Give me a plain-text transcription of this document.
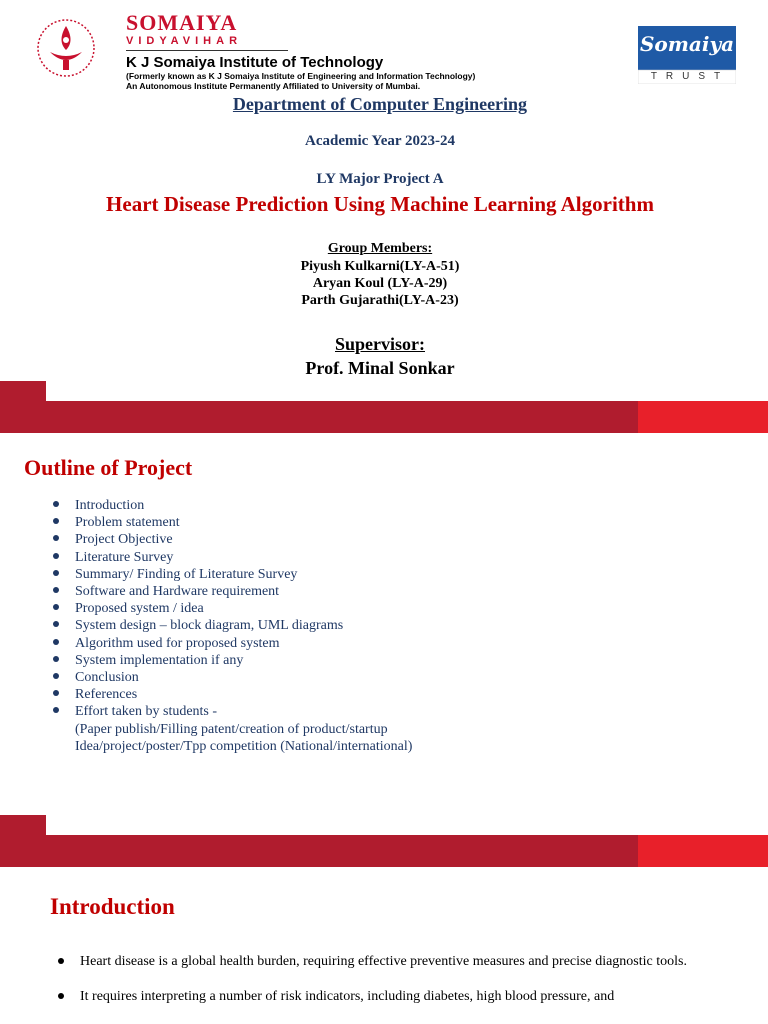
SOMAIYA
VIDYAVIHAR
K J Somaiya Institute of Technology
(Formerly known as K J Somaiya Institute of Engineering and Information Technology)
An Autonomous Institute Permanently Affiliated to University of Mumbai.
Somaiya
TRUST
Department of Computer Engineering
Academic Year 2023-24
LY Major Project A
Heart Disease Prediction Using Machine Learning Algorithm
Group Members:
Piyush Kulkarni(LY-A-51)
Aryan Koul (LY-A-29)
Parth Gujarathi(LY-A-23)
Supervisor:
Prof. Minal Sonkar
Outline of Project
Introduction
Problem statement
Project Objective
Literature Survey
Summary/ Finding of Literature Survey
Software and Hardware requirement
Proposed system / idea
System design – block diagram, UML diagrams
Algorithm used for proposed system
System implementation if any
Conclusion
References
Effort taken by students -
(Paper publish/Filling patent/creation of product/startup
Idea/project/poster/Tpp competition (National/international)
Introduction
Heart disease is a global health burden, requiring effective preventive measures and precise diagnostic tools.
It requires interpreting a number of risk indicators, including diabetes, high blood pressure, and
